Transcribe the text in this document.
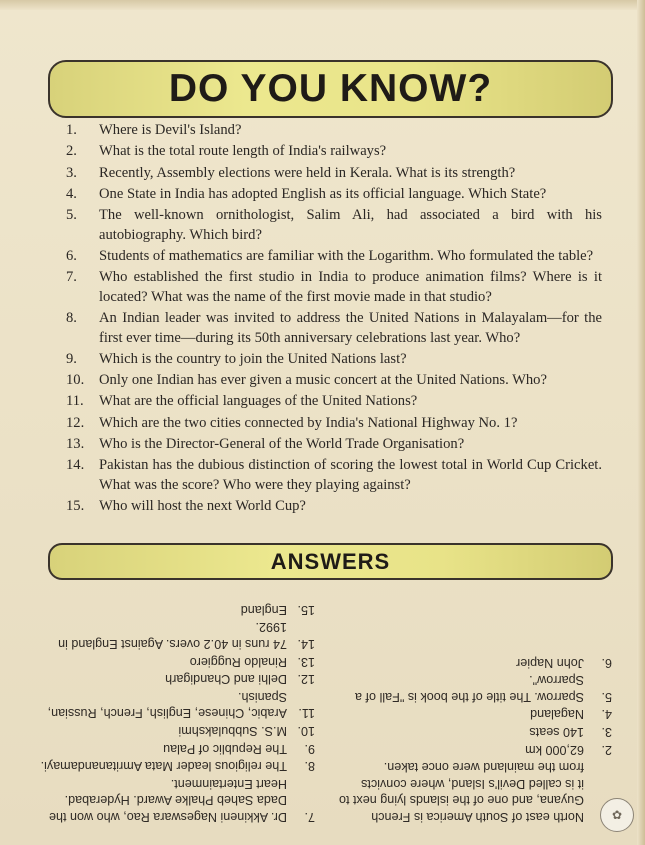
DO YOU KNOW?
1.	Where is Devil's Island?
2.	What is the total route length of India's railways?
3.	Recently, Assembly elections were held in Kerala. What is its strength?
4.	One State in India has adopted English as its official language. Which State?
5.	The well-known ornithologist, Salim Ali, had associated a bird with his autobiography. Which bird?
6.	Students of mathematics are familiar with the Logarithm. Who formulated the table?
7.	Who established the first studio in India to produce animation films? Where is it located? What was the name of the first movie made in that studio?
8.	An Indian leader was invited to address the United Nations in Malayalam—for the first ever time—during its 50th anniversary celebrations last year. Who?
9.	Which is the country to join the United Nations last?
10.	Only one Indian has ever given a music concert at the United Nations. Who?
11.	What are the official languages of the United Nations?
12.	Which are the two cities connected by India's National Highway No. 1?
13.	Who is the Director-General of the World Trade Organisation?
14.	Pakistan has the dubious distinction of scoring the lowest total in World Cup Cricket. What was the score? Who were they playing against?
15.	Who will host the next World Cup?
ANSWERS
North east of South America is French Guyana, and one of the islands lying next to it is called Devil's Island, where convicts from the mainland were once taken.
2.
62,000 km
3.
140 seats
4.
Nagaland
5.
Sparrow. The title of the book is "Fall of a Sparrow".
6.
John Napier
7.
Dr. Akkineni Nageswara Rao, who won the Dada Saheb Phalke Award. Hyderabad. Heart Entertainment.
8.
The religious leader Mata Amritanandamayi.
9.
The Republic of Palau
10.
M.S. Subbulakshmi
11.
Arabic, Chinese, English, French, Russian, Spanish.
12.
Delhi and Chandigarh
13.
Rinaldo Ruggiero
14.
74 runs in 40.2 overs. Against England in 1992.
15.
England
✿
